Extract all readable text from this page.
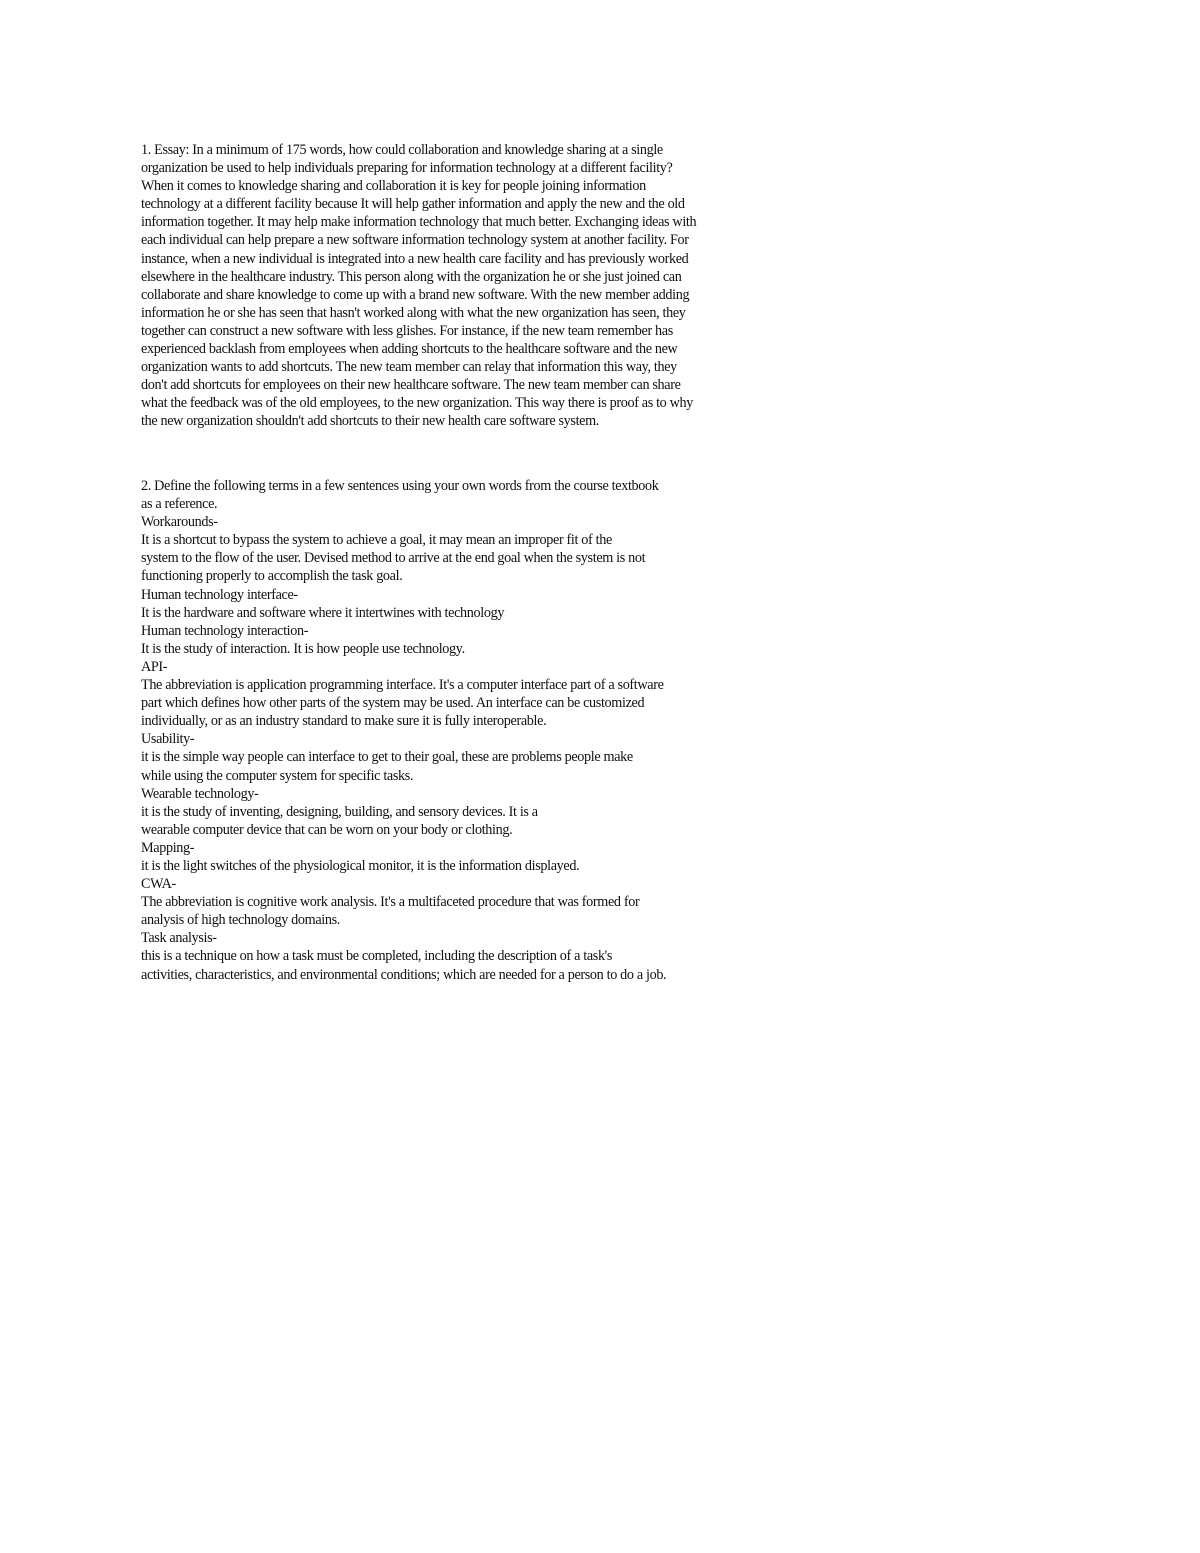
1. Essay: In a minimum of 175 words, how could collaboration and knowledge sharing at a single
organization be used to help individuals preparing for information technology at a different facility?
When it comes to knowledge sharing and collaboration it is key for people joining information
technology at a different facility because It will help gather information and apply the new and the old
information together. It may help make information technology that much better. Exchanging ideas with
each individual can help prepare a new software information technology system at another facility. For
instance, when a new individual is integrated into a new health care facility and has previously worked
elsewhere in the healthcare industry. This person along with the organization he or she just joined can
collaborate and share knowledge to come up with a brand new software. With the new member adding
information he or she has seen that hasn't worked along with what the new organization has seen, they
together can construct a new software with less glishes. For instance, if the new team remember has
experienced backlash from employees when adding shortcuts to the healthcare software and the new
organization wants to add shortcuts. The new team member can relay that information this way, they
don't add shortcuts for employees on their new healthcare software. The new team member can share
what the feedback was of the old employees, to the new organization. This way there is proof as to why
the new organization shouldn't add shortcuts to their new health care software system.
2. Define the following terms in a few sentences using your own words from the course textbook
as a reference.
Workarounds-
It is a shortcut to bypass the system to achieve a goal, it may mean an improper fit of the
system to the flow of the user. Devised method to arrive at the end goal when the system is not
functioning properly to accomplish the task goal.
Human technology interface-
It is the hardware and software where it intertwines with technology
Human technology interaction-
It is the study of interaction. It is how people use technology.
API-
The abbreviation is application programming interface. It's a computer interface part of a software
part which defines how other parts of the system may be used. An interface can be customized
individually, or as an industry standard to make sure it is fully interoperable.
Usability-
it is the simple way people can interface to get to their goal, these are problems people make
while using the computer system for specific tasks.
Wearable technology-
it is the study of inventing, designing, building, and sensory devices. It is a
wearable computer device that can be worn on your body or clothing.
Mapping-
it is the light switches of the physiological monitor, it is the information displayed.
CWA-
The abbreviation is cognitive work analysis. It's a multifaceted procedure that was formed for
analysis of high technology domains.
Task analysis-
this is a technique on how a task must be completed, including the description of a task's
activities, characteristics, and environmental conditions; which are needed for a person to do a job.
